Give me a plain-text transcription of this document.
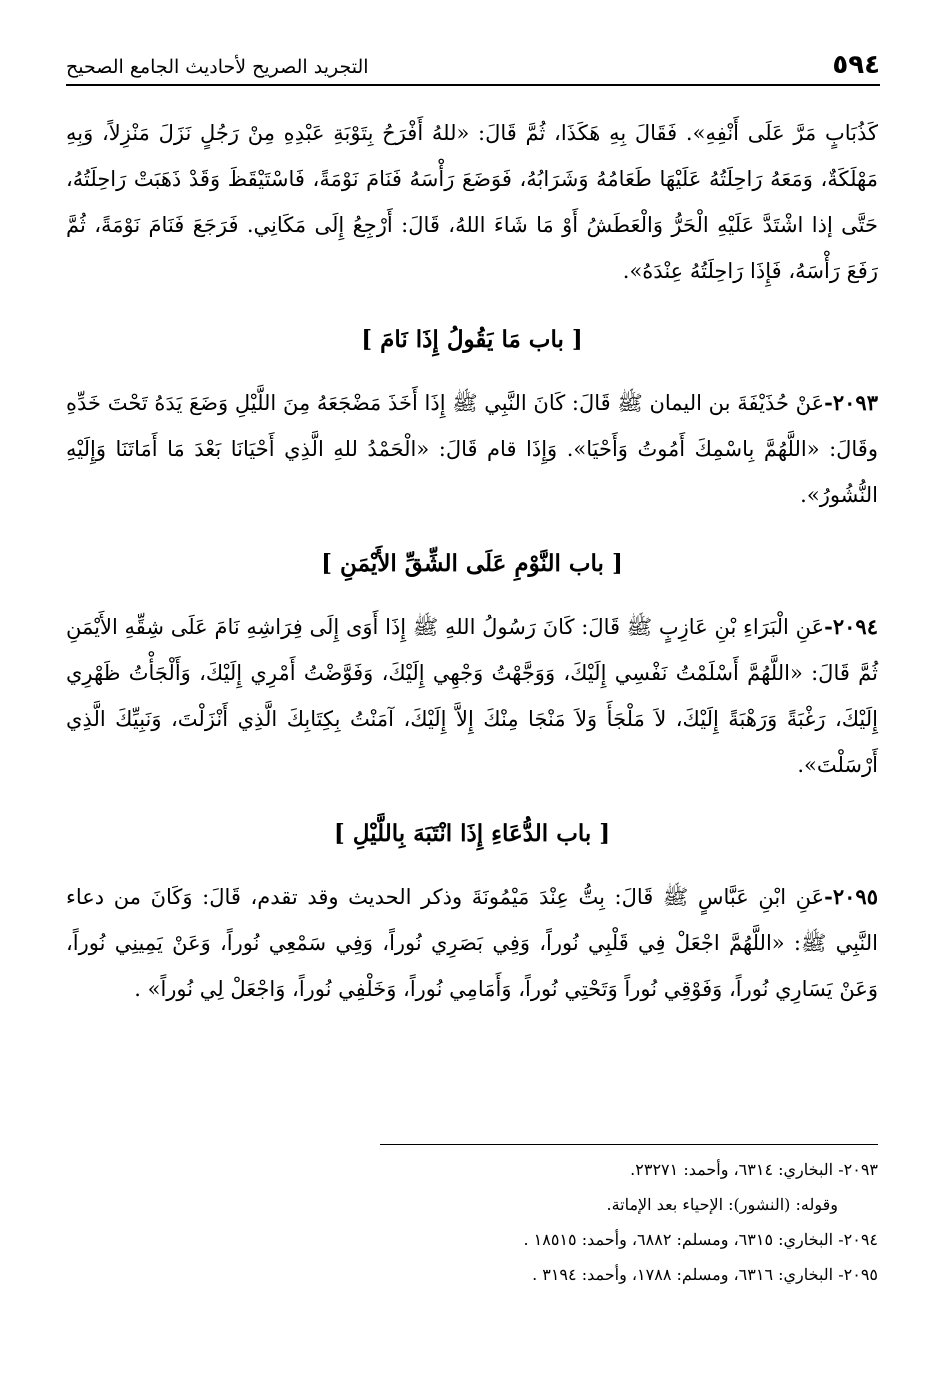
٥٩٤
التجريد الصريح لأحاديث الجامع الصحيح

كَذُبَابٍ مَرَّ عَلَى أَنْفِهِ». فَقَالَ بِهِ هَكَذَا، ثُمَّ قَالَ: «للهُ أَفْرَحُ بِتَوْبَةِ عَبْدِهِ مِنْ رَجُلٍ نَزَلَ مَنْزِلاً، وَبِهِ مَهْلَكَةٌ، وَمَعَهُ رَاحِلَتُهُ عَلَيْهَا طَعَامُهُ وَشَرَابُهُ، فَوَضَعَ رَأْسَهُ فَنَامَ نَوْمَةً، فَاسْتَيْقَظَ وَقَدْ ذَهَبَتْ رَاحِلَتُهُ، حَتَّى إذا اشْتَدَّ عَلَيْهِ الْحَرُّ وَالْعَطَشُ أَوْ مَا شَاءَ اللهُ، قَالَ: أَرْجِعُ إِلَى مَكَانِي. فَرَجَعَ فَنَامَ نَوْمَةً، ثُمَّ رَفَعَ رَأْسَهُ، فَإِذَا رَاحِلَتُهُ عِنْدَهُ».

[ باب مَا يَقُولُ إِذَا نَامَ ]

٢٠٩٣-عَنْ حُذَيْفَةَ بن اليمان ﷺ قَالَ: كَانَ النَّبِي ﷺ إِذَا أَخَذَ مَضْجَعَهُ مِنَ اللَّيْلِ وَضَعَ يَدَهُ تَحْتَ خَدِّهِ وقَالَ: «اللَّهُمَّ بِاسْمِكَ أَمُوتُ وَأَحْيَا». وَإِذَا قام قَالَ: «الْحَمْدُ للهِ الَّذِي أَحْيَانَا بَعْدَ مَا أَمَاتَنَا وَإِلَيْهِ النُّشُورُ».

[ باب النَّوْمِ عَلَى الشِّقِّ الأَيْمَنِ ]

٢٠٩٤-عَنِ الْبَرَاءِ بْنِ عَازِبٍ ﷺ قَالَ: كَانَ رَسُولُ اللهِ ﷺ إِذَا أَوَى إِلَى فِرَاشِهِ نَامَ عَلَى شِقِّهِ الأَيْمَنِ ثُمَّ قَالَ: «اللَّهُمَّ أَسْلَمْتُ نَفْسِي إِلَيْكَ، وَوَجَّهْتُ وَجْهِي إِلَيْكَ، وَفَوَّضْتُ أَمْرِي إِلَيْكَ، وَأَلْجَأْتُ ظَهْرِي إِلَيْكَ، رَغْبَةً وَرَهْبَةً إِلَيْكَ، لاَ مَلْجَأَ وَلاَ مَنْجَا مِنْكَ إِلاَّ إِلَيْكَ، آمَنْتُ بِكِتَابِكَ الَّذِي أَنْزَلْتَ، وَنَبِيِّكَ الَّذِي أَرْسَلْتَ».

[ باب الدُّعَاءِ إِذَا انْتَبَهَ بِاللَّيْلِ ]

٢٠٩٥-عَنِ ابْنِ عَبَّاسٍ ﷺ قَالَ: بِتُّ عِنْدَ مَيْمُونَةَ وذكر الحديث وقد تقدم، قَالَ: وَكَانَ من دعاء النَّبِي ﷺ: «اللَّهُمَّ اجْعَلْ فِي قَلْبِي نُوراً، وَفِي بَصَرِي نُوراً، وَفِي سَمْعِي نُوراً، وَعَنْ يَمِينِي نُوراً، وَعَنْ يَسَارِي نُوراً، وَفَوْقِي نُوراً وَتَحْتِي نُوراً، وَأَمَامِي نُوراً، وَخَلْفِي نُوراً، وَاجْعَلْ لِي نُوراً» .

٢٠٩٣- البخاري: ٦٣١٤، وأحمد: ٢٣٢٧١.

وقوله: (النشور): الإحياء بعد الإماتة.

٢٠٩٤- البخاري: ٦٣١٥، ومسلم: ٦٨٨٢، وأحمد: ١٨٥١٥ .

٢٠٩٥- البخاري: ٦٣١٦، ومسلم: ١٧٨٨، وأحمد: ٣١٩٤ .
